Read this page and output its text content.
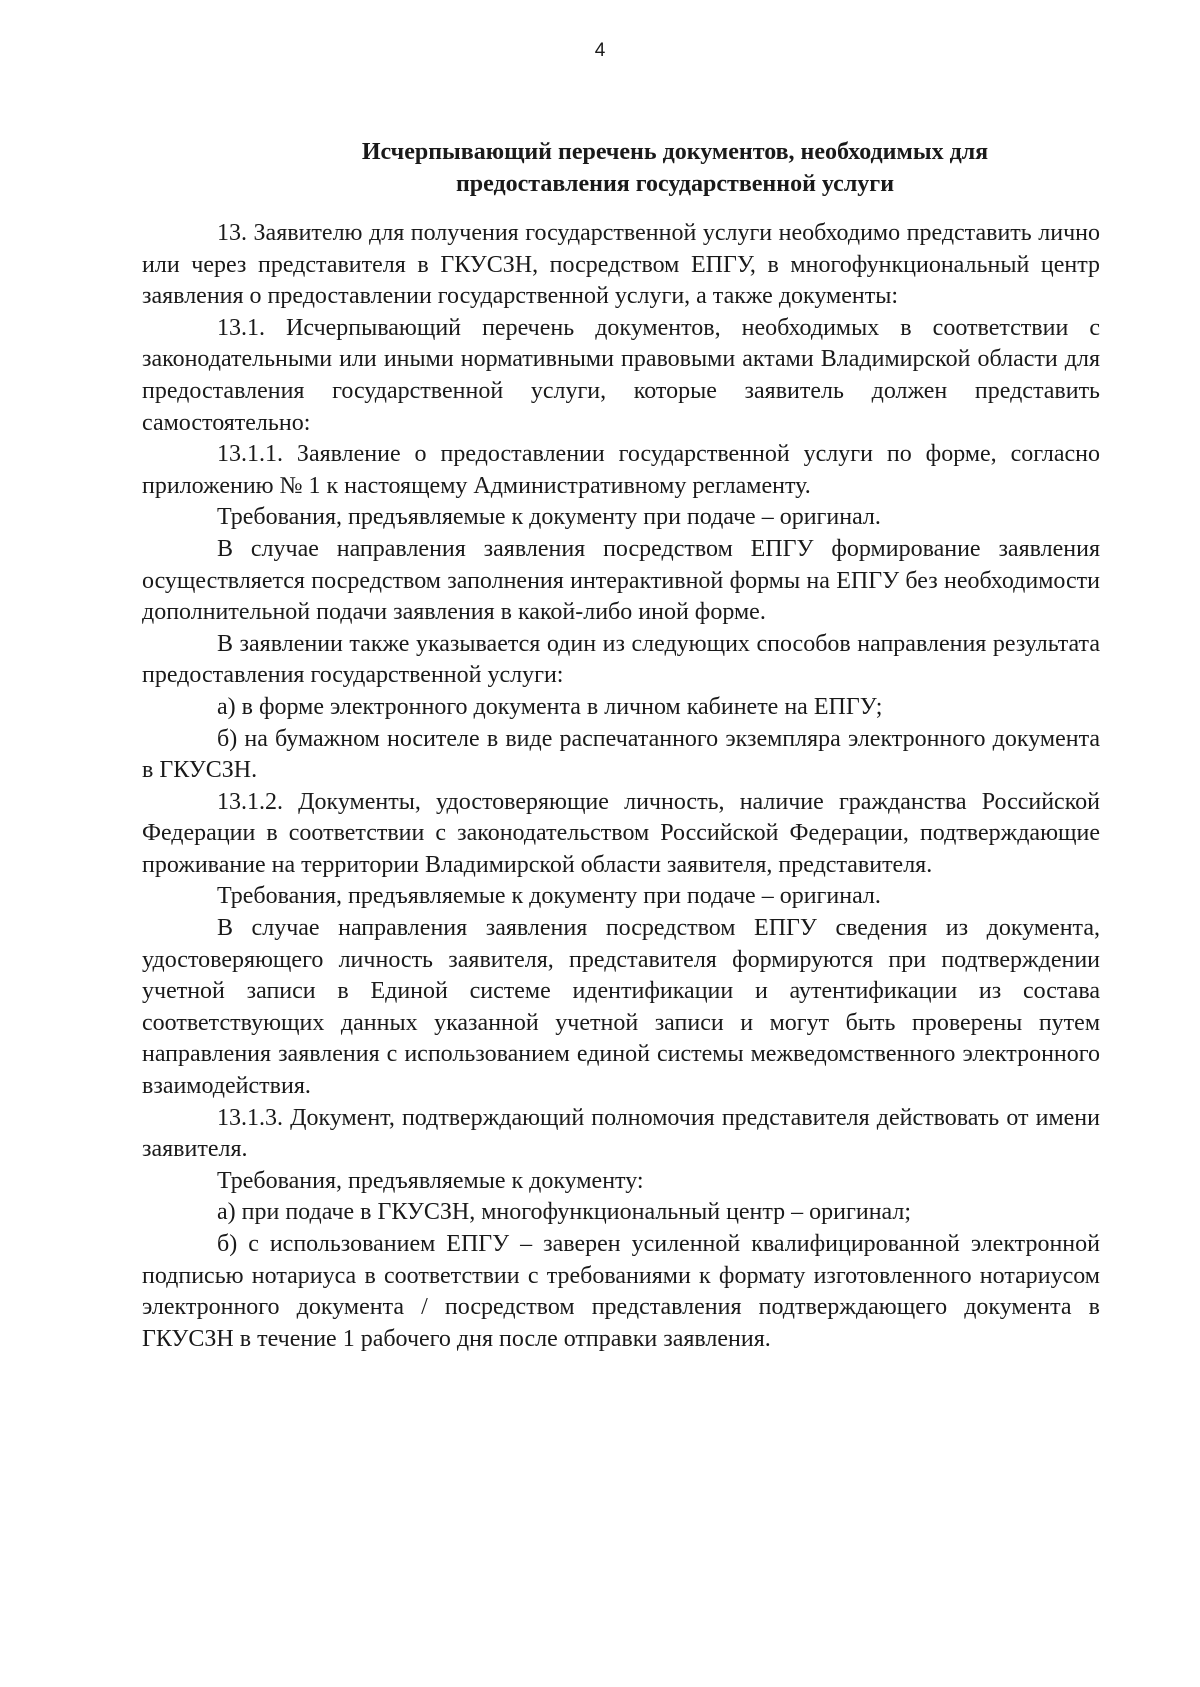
4
Исчерпывающий перечень документов, необходимых для
предоставления государственной услуги

13. Заявителю для получения государственной услуги необходимо представить лично или через представителя в ГКУСЗН, посредством ЕПГУ, в многофункциональный центр заявления о предоставлении государственной услуги, а также документы:

13.1. Исчерпывающий перечень документов, необходимых в соответствии с законодательными или иными нормативными правовыми актами Владимирской области для предоставления государственной услуги, которые заявитель должен представить самостоятельно:

13.1.1. Заявление о предоставлении государственной услуги по форме, согласно приложению № 1 к настоящему Административному регламенту.

Требования, предъявляемые к документу при подаче – оригинал.

В случае направления заявления посредством ЕПГУ формирование заявления осуществляется посредством заполнения интерактивной формы на ЕПГУ без необходимости дополнительной подачи заявления в какой-либо иной форме.

В заявлении также указывается один из следующих способов направления результата предоставления государственной услуги:

а) в форме электронного документа в личном кабинете на ЕПГУ;

б) на бумажном носителе в виде распечатанного экземпляра электронного документа в ГКУСЗН.

13.1.2. Документы, удостоверяющие личность, наличие гражданства Российской Федерации в соответствии с законодательством Российской Федерации, подтверждающие проживание на территории Владимирской области заявителя, представителя.

Требования, предъявляемые к документу при подаче – оригинал.

В случае направления заявления посредством ЕПГУ сведения из документа, удостоверяющего личность заявителя, представителя формируются при подтверждении учетной записи в Единой системе идентификации и аутентификации из состава соответствующих данных указанной учетной записи и могут быть проверены путем направления заявления с использованием единой системы межведомственного электронного взаимодействия.

13.1.3. Документ, подтверждающий полномочия представителя действовать от имени заявителя.

Требования, предъявляемые к документу:

а) при подаче в ГКУСЗН, многофункциональный центр – оригинал;

б) с использованием ЕПГУ – заверен усиленной квалифицированной электронной подписью нотариуса в соответствии с требованиями к формату изготовленного нотариусом электронного документа / посредством представления подтверждающего документа в ГКУСЗН в течение 1 рабочего дня после отправки заявления.
